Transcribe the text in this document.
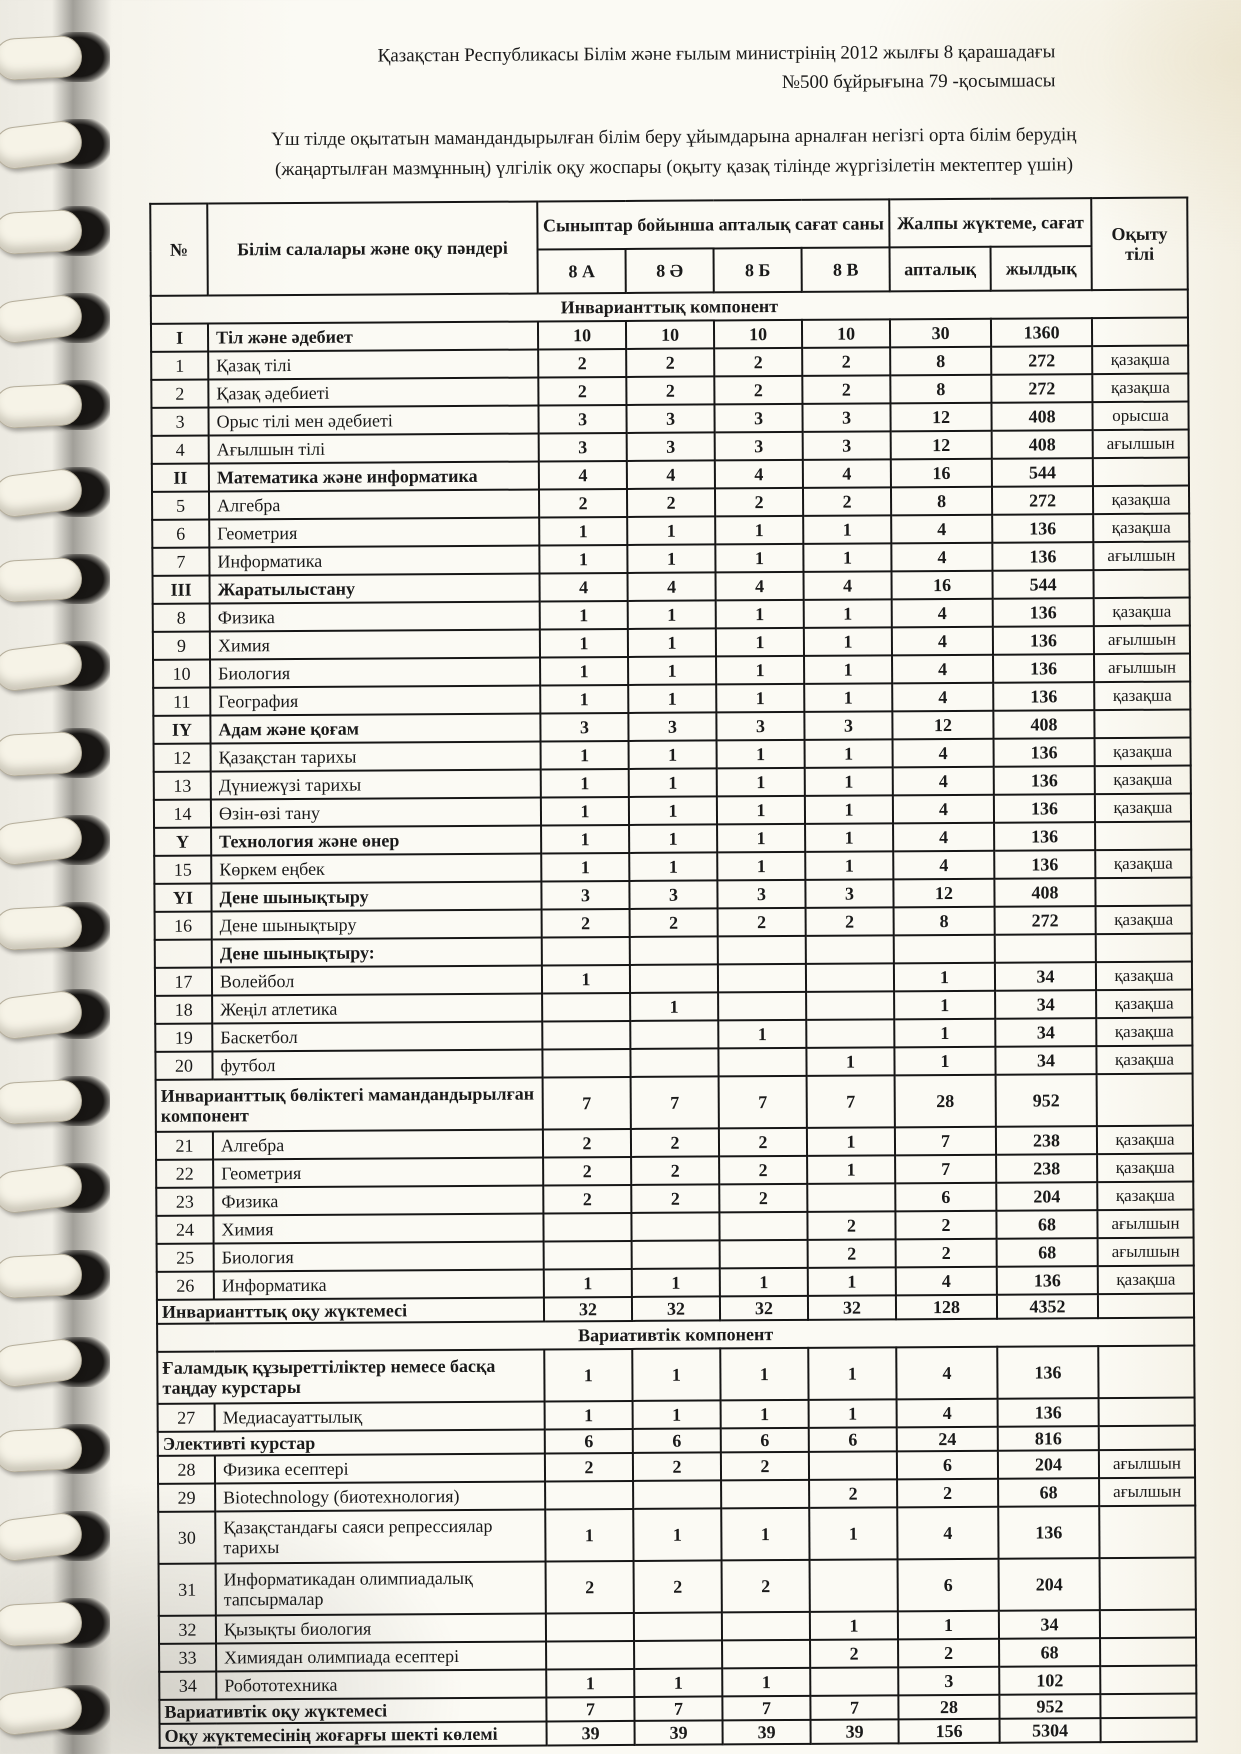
Қазақстан Республикасы Білім және ғылым министрінің 2012 жылғы 8 қарашадағы
№500 бұйрығына 79 -қосымшасы
Үш тілде оқытатын мамандандырылған білім беру ұйымдарына арналған негізгі орта білім берудің
(жаңартылған мазмұнның) үлгілік оқу жоспары (оқыту қазақ тілінде жүргізілетін мектептер үшін)
№	Білім салалары және оқу пәндері	Сыныптар бойынша апталық сағат саны				Жалпы жүктеме, сағат		Оқыту тілі
		8 А	8 Ә	8 Б	8 В	апталық	жылдық	
Инварианттық компонент								
I	Тіл және әдебиет	10	10	10	10	30	1360	
1	Қазақ тілі	2	2	2	2	8	272	қазақша
2	Қазақ әдебиеті	2	2	2	2	8	272	қазақша
3	Орыс тілі мен әдебиеті	3	3	3	3	12	408	орысша
4	Ағылшын тілі	3	3	3	3	12	408	ағылшын
II	Математика және информатика	4	4	4	4	16	544	
5	Алгебра	2	2	2	2	8	272	қазақша
6	Геометрия	1	1	1	1	4	136	қазақша
7	Информатика	1	1	1	1	4	136	ағылшын
III	Жаратылыстану	4	4	4	4	16	544	
8	Физика	1	1	1	1	4	136	қазақша
9	Химия	1	1	1	1	4	136	ағылшын
10	Биология	1	1	1	1	4	136	ағылшын
11	География	1	1	1	1	4	136	қазақша
IY	Адам және қоғам	3	3	3	3	12	408	
12	Қазақстан тарихы	1	1	1	1	4	136	қазақша
13	Дүниежүзі тарихы	1	1	1	1	4	136	қазақша
14	Өзін-өзі тану	1	1	1	1	4	136	қазақша
Y	Технология және өнер	1	1	1	1	4	136	
15	Көркем еңбек	1	1	1	1	4	136	қазақша
YI	Дене шынықтыру	3	3	3	3	12	408	
16	Дене шынықтыру	2	2	2	2	8	272	қазақша
	Дене шынықтыру:							
17	Волейбол	1				1	34	қазақша
18	Жеңіл атлетика		1			1	34	қазақша
19	Баскетбол			1		1	34	қазақша
20	футбол				1	1	34	қазақша
Инварианттық бөліктегі мамандандырылған компонент		7	7	7	7	28	952	
21	Алгебра	2	2	2	1	7	238	қазақша
22	Геометрия	2	2	2	1	7	238	қазақша
23	Физика	2	2	2		6	204	қазақша
24	Химия				2	2	68	ағылшын
25	Биология				2	2	68	ағылшын
26	Информатика	1	1	1	1	4	136	қазақша
Инварианттық оқу жүктемесі		32	32	32	32	128	4352	
Вариативтік компонент								
Ғаламдық құзыреттіліктер немесе басқа таңдау курстары		1	1	1	1	4	136	
27	Медиасауаттылық	1	1	1	1	4	136	
Элективті курстар		6	6	6	6	24	816	
28	Физика есептері	2	2	2		6	204	ағылшын
29	Biotechnology (биотехнология)				2	2	68	ағылшын
30	Қазақстандағы саяси репрессиялар тарихы	1	1	1	1	4	136	
31	Информатикадан олимпиадалық тапсырмалар	2	2	2		6	204	
32	Қызықты биология				1	1	34	
33	Химиядан олимпиада есептері				2	2	68	
34	Робототехника	1	1	1		3	102	
Вариативтік оқу жүктемесі		7	7	7	7	28	952	
Оқу жүктемесінің жоғарғы шекті көлемі		39	39	39	39	156	5304	
